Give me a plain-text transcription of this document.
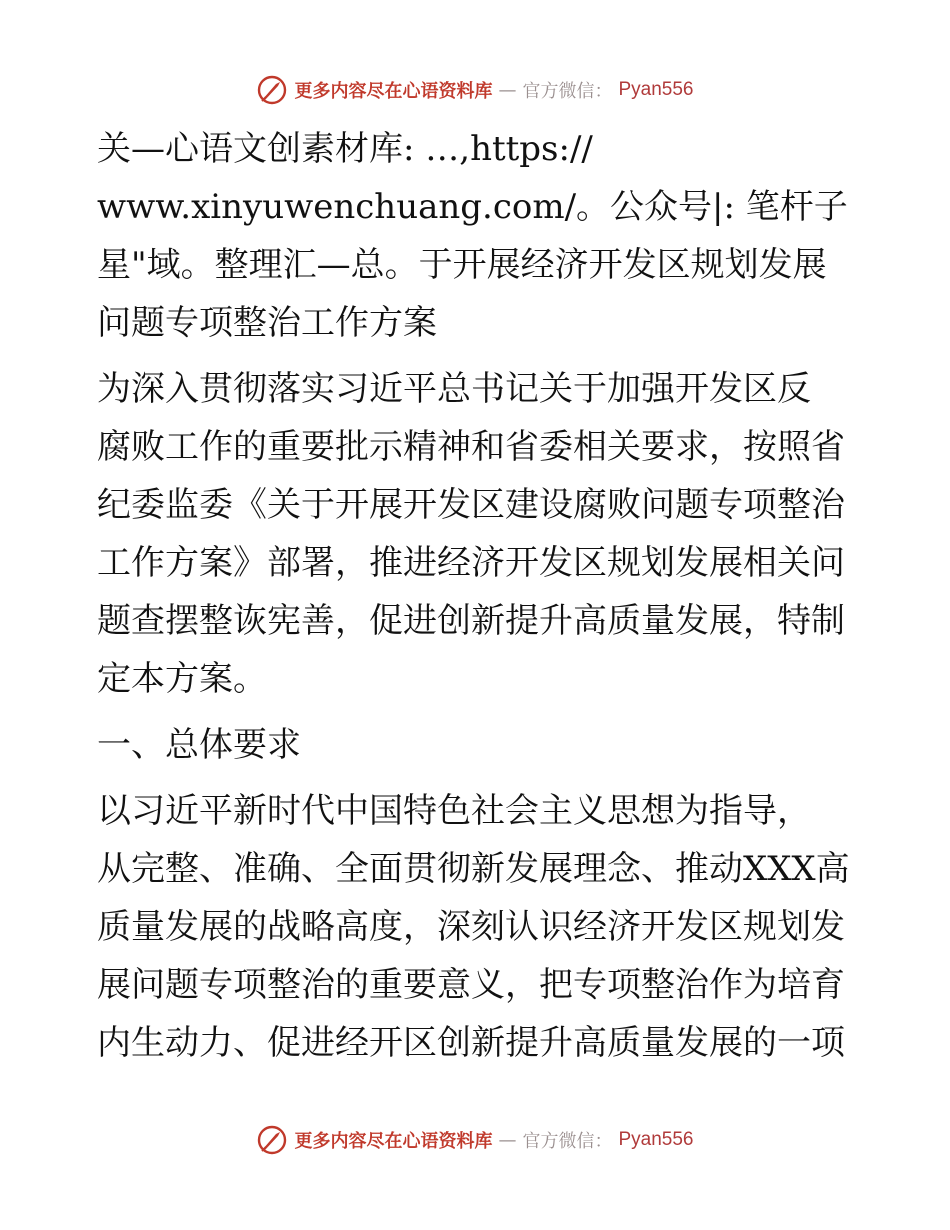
更多内容尽在心语资料库 — 官方微信： Pyan556
关—心语文创素材库: …,https://
www.xinyuwenchuang.com/。公众号|: 笔杆子
星"域。整理汇—总。于开展经济开发区规划发展
问题专项整治工作方案
为深入贯彻落实习近平总书记关于加强开发区反
腐败工作的重要批示精神和省委相关要求，按照省
纪委监委《关于开展开发区建设腐败问题专项整治
工作方案》部署，推进经济开发区规划发展相关问
题查摆整诙宪善，促进创新提升高质量发展，特制
定本方案。
一、总体要求
以习近平新时代中国特色社会主义思想为指导，
从完整、准确、全面贯彻新发展理念、推动XXX高
质量发展的战略高度，深刻认识经济开发区规划发
展问题专项整治的重要意义，把专项整治作为培育
内生动力、促进经开区创新提升高质量发展的一项
更多内容尽在心语资料库 — 官方微信： Pyan556
